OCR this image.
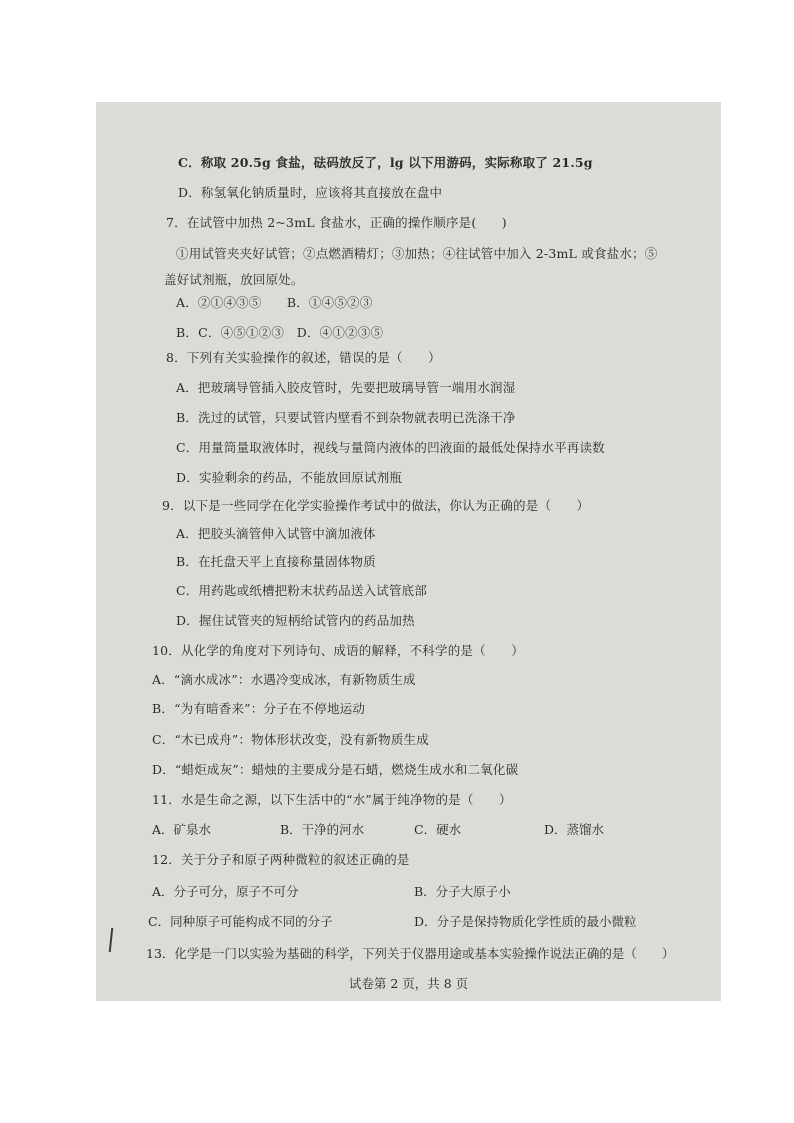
C．称取 20.5g 食盐，砝码放反了，lg 以下用游码，实际称取了 21.5g
D．称氢氧化钠质量时，应该将其直接放在盘中
7．在试管中加热 2~3mL 食盐水，正确的操作顺序是(　　)
①用试管夹夹好试管；②点燃酒精灯；③加热；④往试管中加入 2-3mL 或食盐水；⑤
盖好试剂瓶，放回原处。
A．②①④③⑤　　B．①④⑤②③
B．C．④⑤①②③　D．④①②③⑤
8．下列有关实验操作的叙述，错误的是（　　）
A．把玻璃导管插入胶皮管时，先要把玻璃导管一端用水润湿
B．洗过的试管，只要试管内壁看不到杂物就表明已洗涤干净
C．用量筒量取液体时，视线与量筒内液体的凹液面的最低处保持水平再读数
D．实验剩余的药品，不能放回原试剂瓶
9．以下是一些同学在化学实验操作考试中的做法，你认为正确的是（　　）
A．把胶头滴管伸入试管中滴加液体
B．在托盘天平上直接称量固体物质
C．用药匙或纸槽把粉末状药品送入试管底部
D．握住试管夹的短柄给试管内的药品加热
10．从化学的角度对下列诗句、成语的解释，不科学的是（　　）
A．“滴水成冰”：水遇冷变成冰，有新物质生成
B．“为有暗香来”：分子在不停地运动
C．“木已成舟”：物体形状改变，没有新物质生成
D．“蜡炬成灰”：蜡烛的主要成分是石蜡，燃烧生成水和二氧化碳
11．水是生命之源，以下生活中的“水”属于纯净物的是（　　）
A．矿泉水	B．干净的河水	C．硬水	D．蒸馏水
12．关于分子和原子两种微粒的叙述正确的是
A．分子可分，原子不可分	B．分子大原子小
C．同种原子可能构成不同的分子	D．分子是保持物质化学性质的最小微粒
13．化学是一门以实验为基础的科学，下列关于仪器用途或基本实验操作说法正确的是（　　）
试卷第 2 页，共 8 页
